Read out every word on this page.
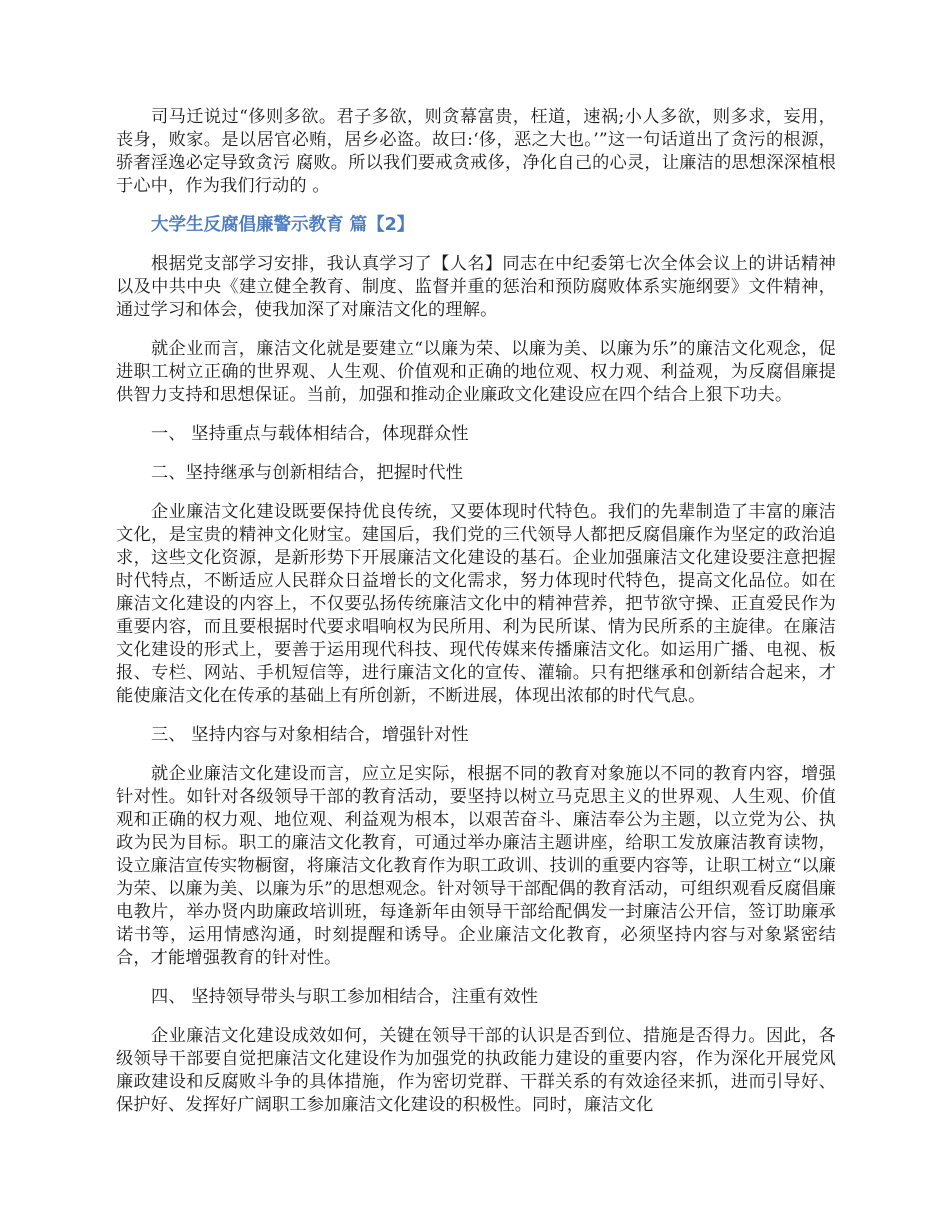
司马迁说过“侈则多欲。君子多欲，则贪幕富贵，枉道，速祸;小人多欲，则多求，妄用，丧身，败家。是以居官必贿，居乡必盗。故曰:‘侈，恶之大也。’”这一句话道出了贪污的根源，骄奢淫逸必定导致贪污 腐败。所以我们要戒贪戒侈，净化自己的心灵，让廉洁的思想深深植根于心中，作为我们行动的 。

大学生反腐倡廉警示教育 篇【2】

根据党支部学习安排，我认真学习了【人名】同志在中纪委第七次全体会议上的讲话精神以及中共中央《建立健全教育、制度、监督并重的惩治和预防腐败体系实施纲要》文件精神，通过学习和体会，使我加深了对廉洁文化的理解。

就企业而言，廉洁文化就是要建立“以廉为荣、以廉为美、以廉为乐”的廉洁文化观念，促进职工树立正确的世界观、人生观、价值观和正确的地位观、权力观、利益观，为反腐倡廉提供智力支持和思想保证。当前，加强和推动企业廉政文化建设应在四个结合上狠下功夫。

一、 坚持重点与载体相结合，体现群众性

二、坚持继承与创新相结合，把握时代性

企业廉洁文化建设既要保持优良传统，又要体现时代特色。我们的先辈制造了丰富的廉洁文化，是宝贵的精神文化财宝。建国后，我们党的三代领导人都把反腐倡廉作为坚定的政治追求，这些文化资源，是新形势下开展廉洁文化建设的基石。企业加强廉洁文化建设要注意把握时代特点，不断适应人民群众日益增长的文化需求，努力体现时代特色，提高文化品位。如在廉洁文化建设的内容上，不仅要弘扬传统廉洁文化中的精神营养，把节欲守操、正直爱民作为重要内容，而且要根据时代要求唱响权为民所用、利为民所谋、情为民所系的主旋律。在廉洁文化建设的形式上，要善于运用现代科技、现代传媒来传播廉洁文化。如运用广播、电视、板报、专栏、网站、手机短信等，进行廉洁文化的宣传、灌输。只有把继承和创新结合起来，才能使廉洁文化在传承的基础上有所创新，不断进展，体现出浓郁的时代气息。

三、 坚持内容与对象相结合，增强针对性

就企业廉洁文化建设而言，应立足实际，根据不同的教育对象施以不同的教育内容，增强针对性。如针对各级领导干部的教育活动，要坚持以树立马克思主义的世界观、人生观、价值观和正确的权力观、地位观、利益观为根本，以艰苦奋斗、廉洁奉公为主题，以立党为公、执政为民为目标。职工的廉洁文化教育，可通过举办廉洁主题讲座，给职工发放廉洁教育读物，设立廉洁宣传实物橱窗，将廉洁文化教育作为职工政训、技训的重要内容等，让职工树立“以廉为荣、以廉为美、以廉为乐”的思想观念。针对领导干部配偶的教育活动，可组织观看反腐倡廉电教片，举办贤内助廉政培训班，每逢新年由领导干部给配偶发一封廉洁公开信，签订助廉承诺书等，运用情感沟通，时刻提醒和诱导。企业廉洁文化教育，必须坚持内容与对象紧密结合，才能增强教育的针对性。

四、 坚持领导带头与职工参加相结合，注重有效性

企业廉洁文化建设成效如何，关键在领导干部的认识是否到位、措施是否得力。因此，各级领导干部要自觉把廉洁文化建设作为加强党的执政能力建设的重要内容，作为深化开展党风廉政建设和反腐败斗争的具体措施，作为密切党群、干群关系的有效途径来抓，进而引导好、保护好、发挥好广阔职工参加廉洁文化建设的积极性。同时，廉洁文化
